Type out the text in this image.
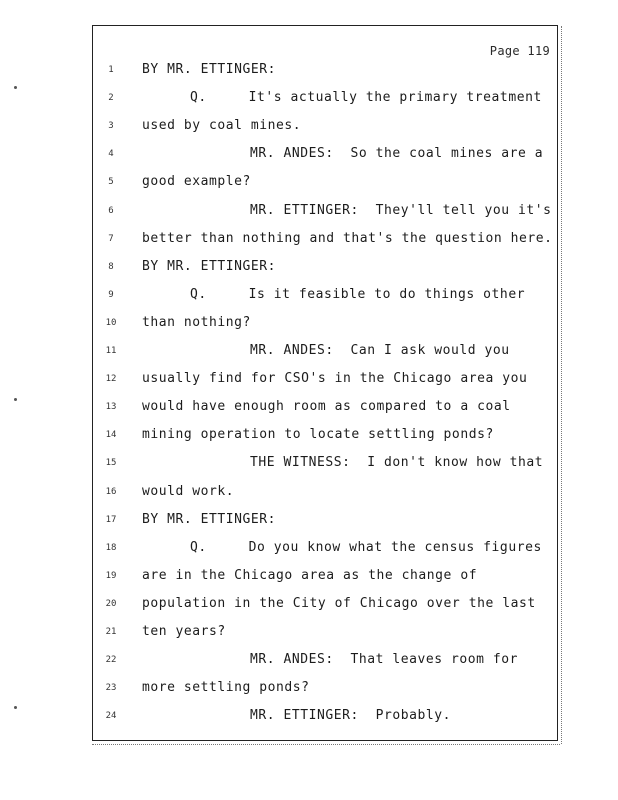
Page 119
1	BY MR. ETTINGER:
2	Q.     It's actually the primary treatment
3	used by coal mines.
4	MR. ANDES:  So the coal mines are a
5	good example?
6	MR. ETTINGER:  They'll tell you it's
7	better than nothing and that's the question here.
8	BY MR. ETTINGER:
9	Q.     Is it feasible to do things other
10	than nothing?
11	MR. ANDES:  Can I ask would you
12	usually find for CSO's in the Chicago area you
13	would have enough room as compared to a coal
14	mining operation to locate settling ponds?
15	THE WITNESS:  I don't know how that
16	would work.
17	BY MR. ETTINGER:
18	Q.     Do you know what the census figures
19	are in the Chicago area as the change of
20	population in the City of Chicago over the last
21	ten years?
22	MR. ANDES:  That leaves room for
23	more settling ponds?
24	MR. ETTINGER:  Probably.
